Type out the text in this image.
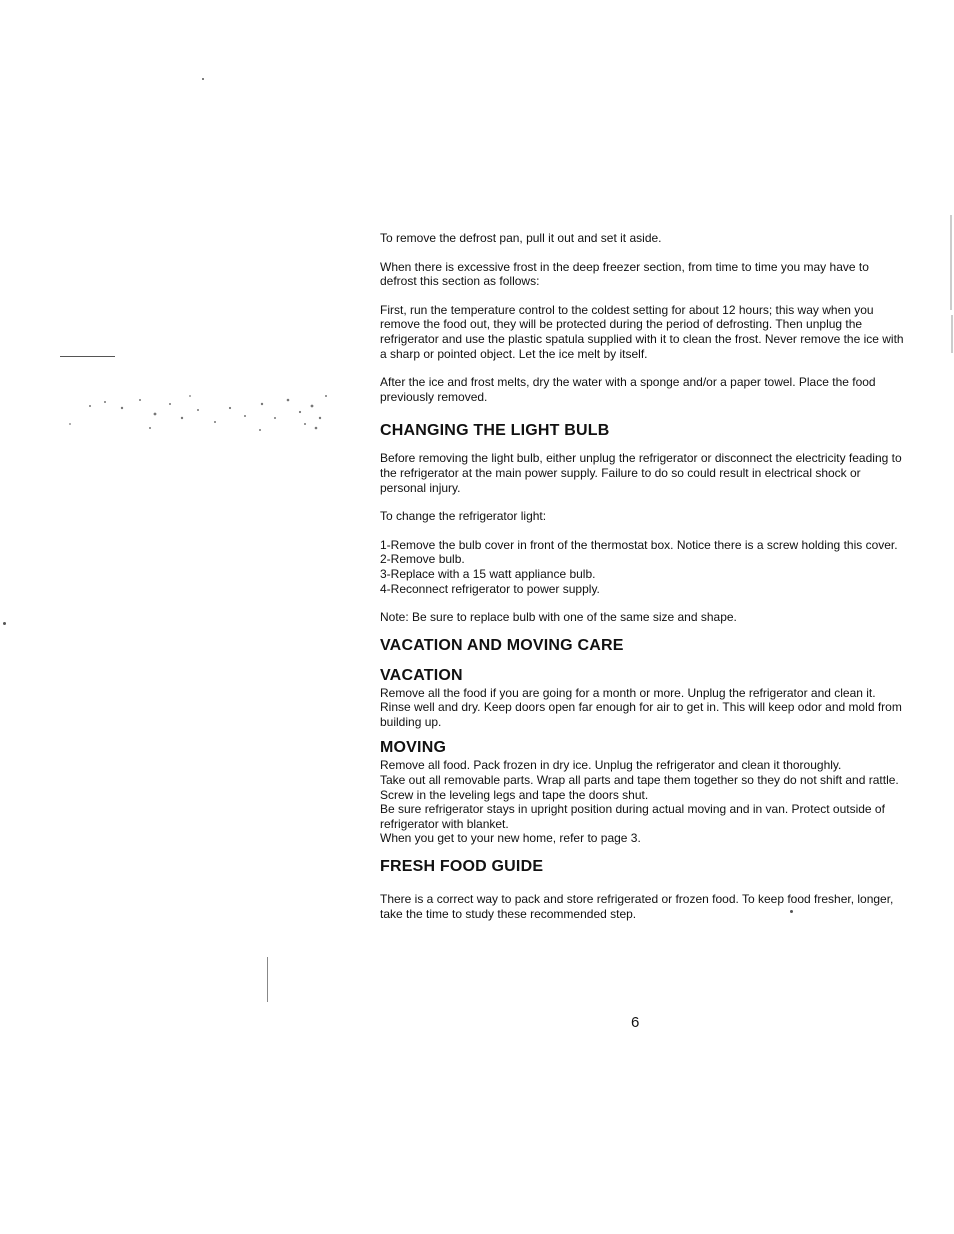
To remove the defrost pan, pull it out and set it aside.

When there is excessive frost in the deep freezer section, from time to time you may have to defrost this section as follows:

First, run the temperature control to the coldest setting for about 12 hours; this way when you remove the food out, they will be protected during the period of defrosting. Then unplug the refrigerator and use the plastic spatula supplied with it to clean the frost. Never remove the ice with a sharp or pointed object. Let the ice melt by itself.

After the ice and frost melts, dry the water with a sponge and/or a paper towel. Place the food previously removed.

CHANGING THE LIGHT BULB

Before removing the light bulb, either unplug the refrigerator or disconnect the electricity feading to the refrigerator at the main power supply. Failure to do so could result in electrical shock or personal injury.

To change the refrigerator light:

1-Remove the bulb cover in front of the thermostat box. Notice there is a screw holding this cover.
2-Remove bulb.
3-Replace with a 15 watt appliance bulb.
4-Reconnect refrigerator to power supply.

Note: Be sure to replace bulb with one of the same size and shape.

VACATION AND MOVING CARE
VACATION

Remove all the food if you are going for a month or more. Unplug the refrigerator and clean it. Rinse well and dry. Keep doors open far enough for air to get in. This will keep odor and mold from building up.

MOVING

Remove all food. Pack frozen in dry ice. Unplug the refrigerator and clean it thoroughly.

Take out all removable parts. Wrap all parts and tape them together so they do not shift and rattle. Screw in the leveling legs and tape the doors shut.

Be sure refrigerator stays in upright position during actual moving and in van. Protect outside of refrigerator with blanket.

When you get to your new home, refer to page 3.

FRESH FOOD GUIDE

There is a correct way to pack and store refrigerated or frozen food. To keep food fresher, longer, take the time to study these recommended step.

6
